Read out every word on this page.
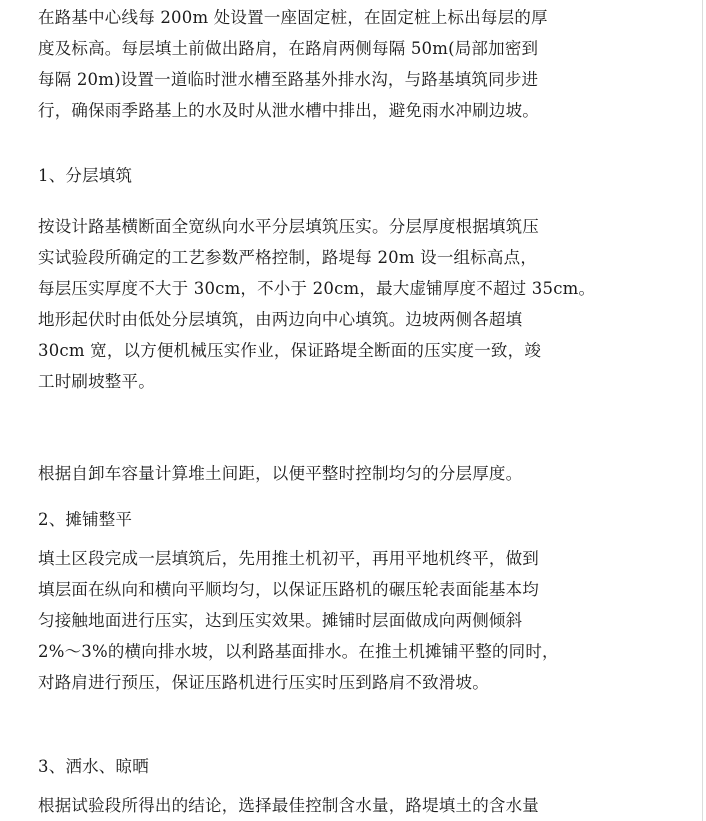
在路基中心线每 200m 处设置一座固定桩，在固定桩上标出每层的厚
度及标高。每层填土前做出路肩，在路肩两侧每隔 50m(局部加密到
每隔 20m)设置一道临时泄水槽至路基外排水沟，与路基填筑同步进
行，确保雨季路基上的水及时从泄水槽中排出，避免雨水冲刷边坡。
1、分层填筑
按设计路基横断面全宽纵向水平分层填筑压实。分层厚度根据填筑压
实试验段所确定的工艺参数严格控制，路堤每 20m 设一组标高点，
每层压实厚度不大于 30cm，不小于 20cm，最大虚铺厚度不超过 35cm。
地形起伏时由低处分层填筑，由两边向中心填筑。边坡两侧各超填
30cm 宽，以方便机械压实作业，保证路堤全断面的压实度一致，竣
工时刷坡整平。
根据自卸车容量计算堆土间距，以便平整时控制均匀的分层厚度。
2、摊铺整平
填土区段完成一层填筑后，先用推土机初平，再用平地机终平，做到
填层面在纵向和横向平顺均匀，以保证压路机的碾压轮表面能基本均
匀接触地面进行压实，达到压实效果。摊铺时层面做成向两侧倾斜
2%～3%的横向排水坡，以利路基面排水。在推土机摊铺平整的同时，
对路肩进行预压，保证压路机进行压实时压到路肩不致滑坡。
3、洒水、晾晒
根据试验段所得出的结论，选择最佳控制含水量，路堤填土的含水量
